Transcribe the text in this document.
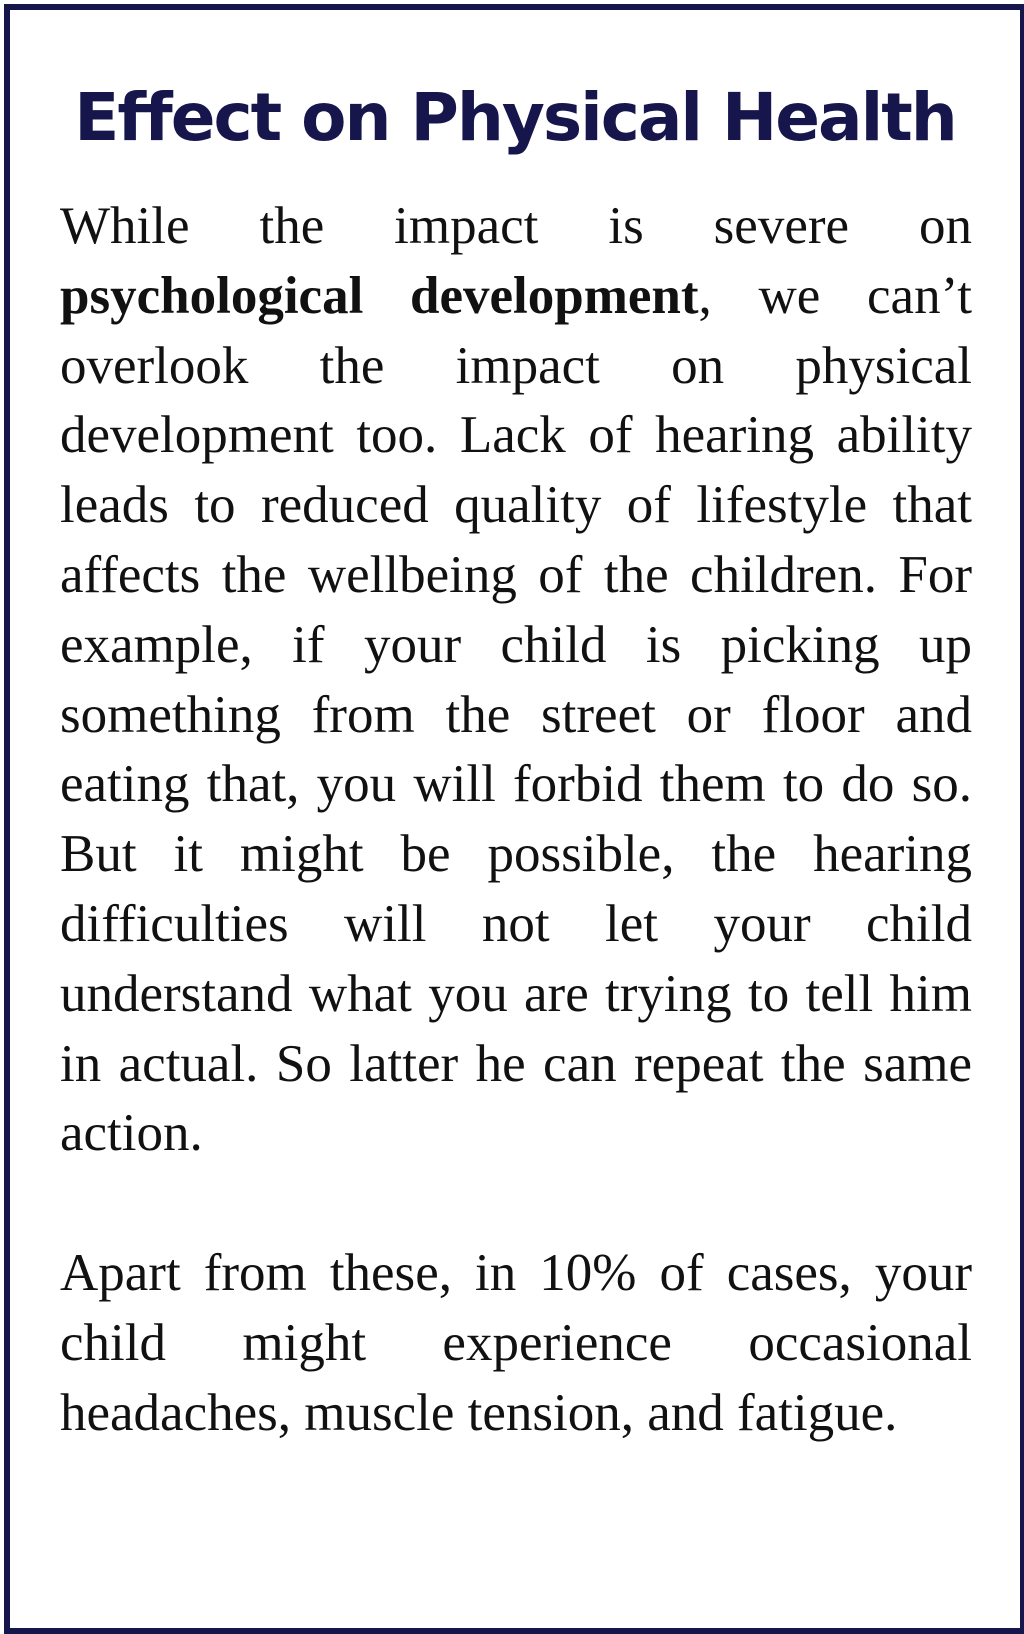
Effect on Physical Health

While the impact is severe on psychological development, we can’t overlook the impact on physical development too. Lack of hearing ability leads to reduced quality of lifestyle that affects the wellbeing of the children. For example, if your child is picking up something from the street or floor and eating that, you will forbid them to do so. But it might be possible, the hearing difficulties will not let your child understand what you are trying to tell him in actual. So latter he can repeat the same action.

Apart from these, in 10% of cases, your child might experience occasional headaches, muscle tension, and fatigue.
